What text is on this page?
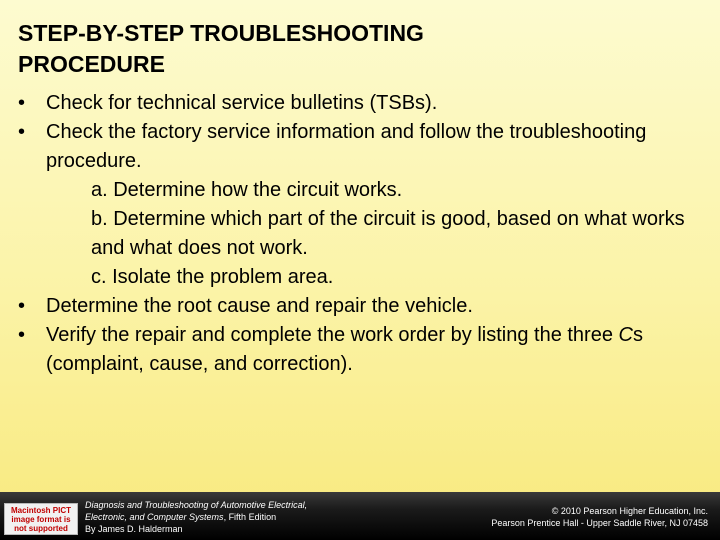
STEP-BY-STEP TROUBLESHOOTING
PROCEDURE
• Check for technical service bulletins (TSBs).
• Check the factory service information and follow the troubleshooting procedure.
a. Determine how the circuit works.
b. Determine which part of the circuit is good, based on what works and what does not work.
c. Isolate the problem area.
• Determine the root cause and repair the vehicle.
• Verify the repair and complete the work order by listing the three Cs (complaint, cause, and correction).
Macintosh PICT image format is not supported
Diagnosis and Troubleshooting of Automotive Electrical,
Electronic, and Computer Systems, Fifth Edition
By James D. Halderman
© 2010 Pearson Higher Education, Inc.
Pearson Prentice Hall - Upper Saddle River, NJ 07458
